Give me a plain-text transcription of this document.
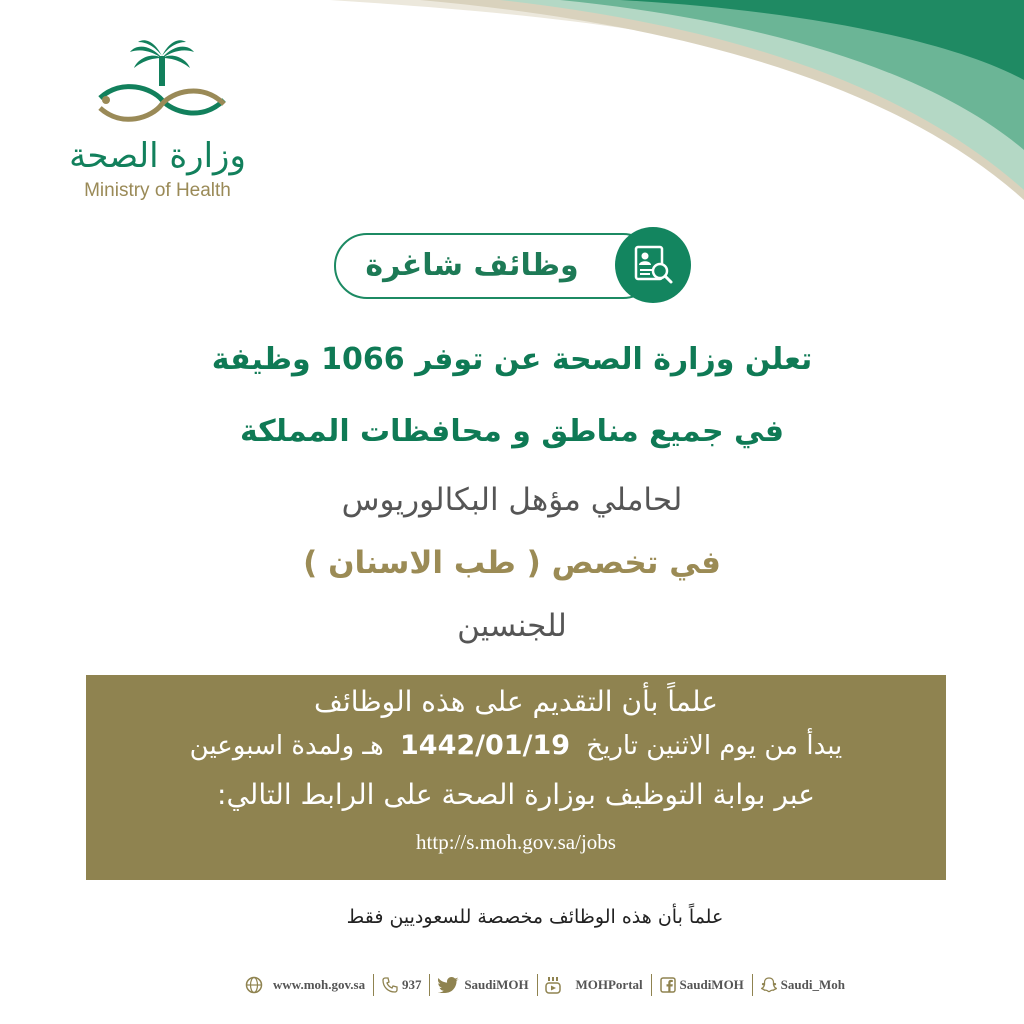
وزارة الصحة
Ministry of Health
وظائف شاغرة
تعلن وزارة الصحة عن توفر 1066 وظيفة
في جميع مناطق و محافظات المملكة
لحاملي مؤهل البكالوريوس
في تخصص ( طب الاسنان )
للجنسين
علماً بأن التقديم على هذه الوظائف
يبدأ من يوم الاثنين تاريخ 1442/01/19 هـ ولمدة اسبوعين
عبر بوابة التوظيف بوزارة الصحة على الرابط التالي:
http://s.moh.gov.sa/jobs
علماً بأن هذه الوظائف مخصصة للسعوديين فقط
www.moh.gov.sa	937	SaudiMOH	MOHPortal	SaudiMOH	Saudi_Moh
